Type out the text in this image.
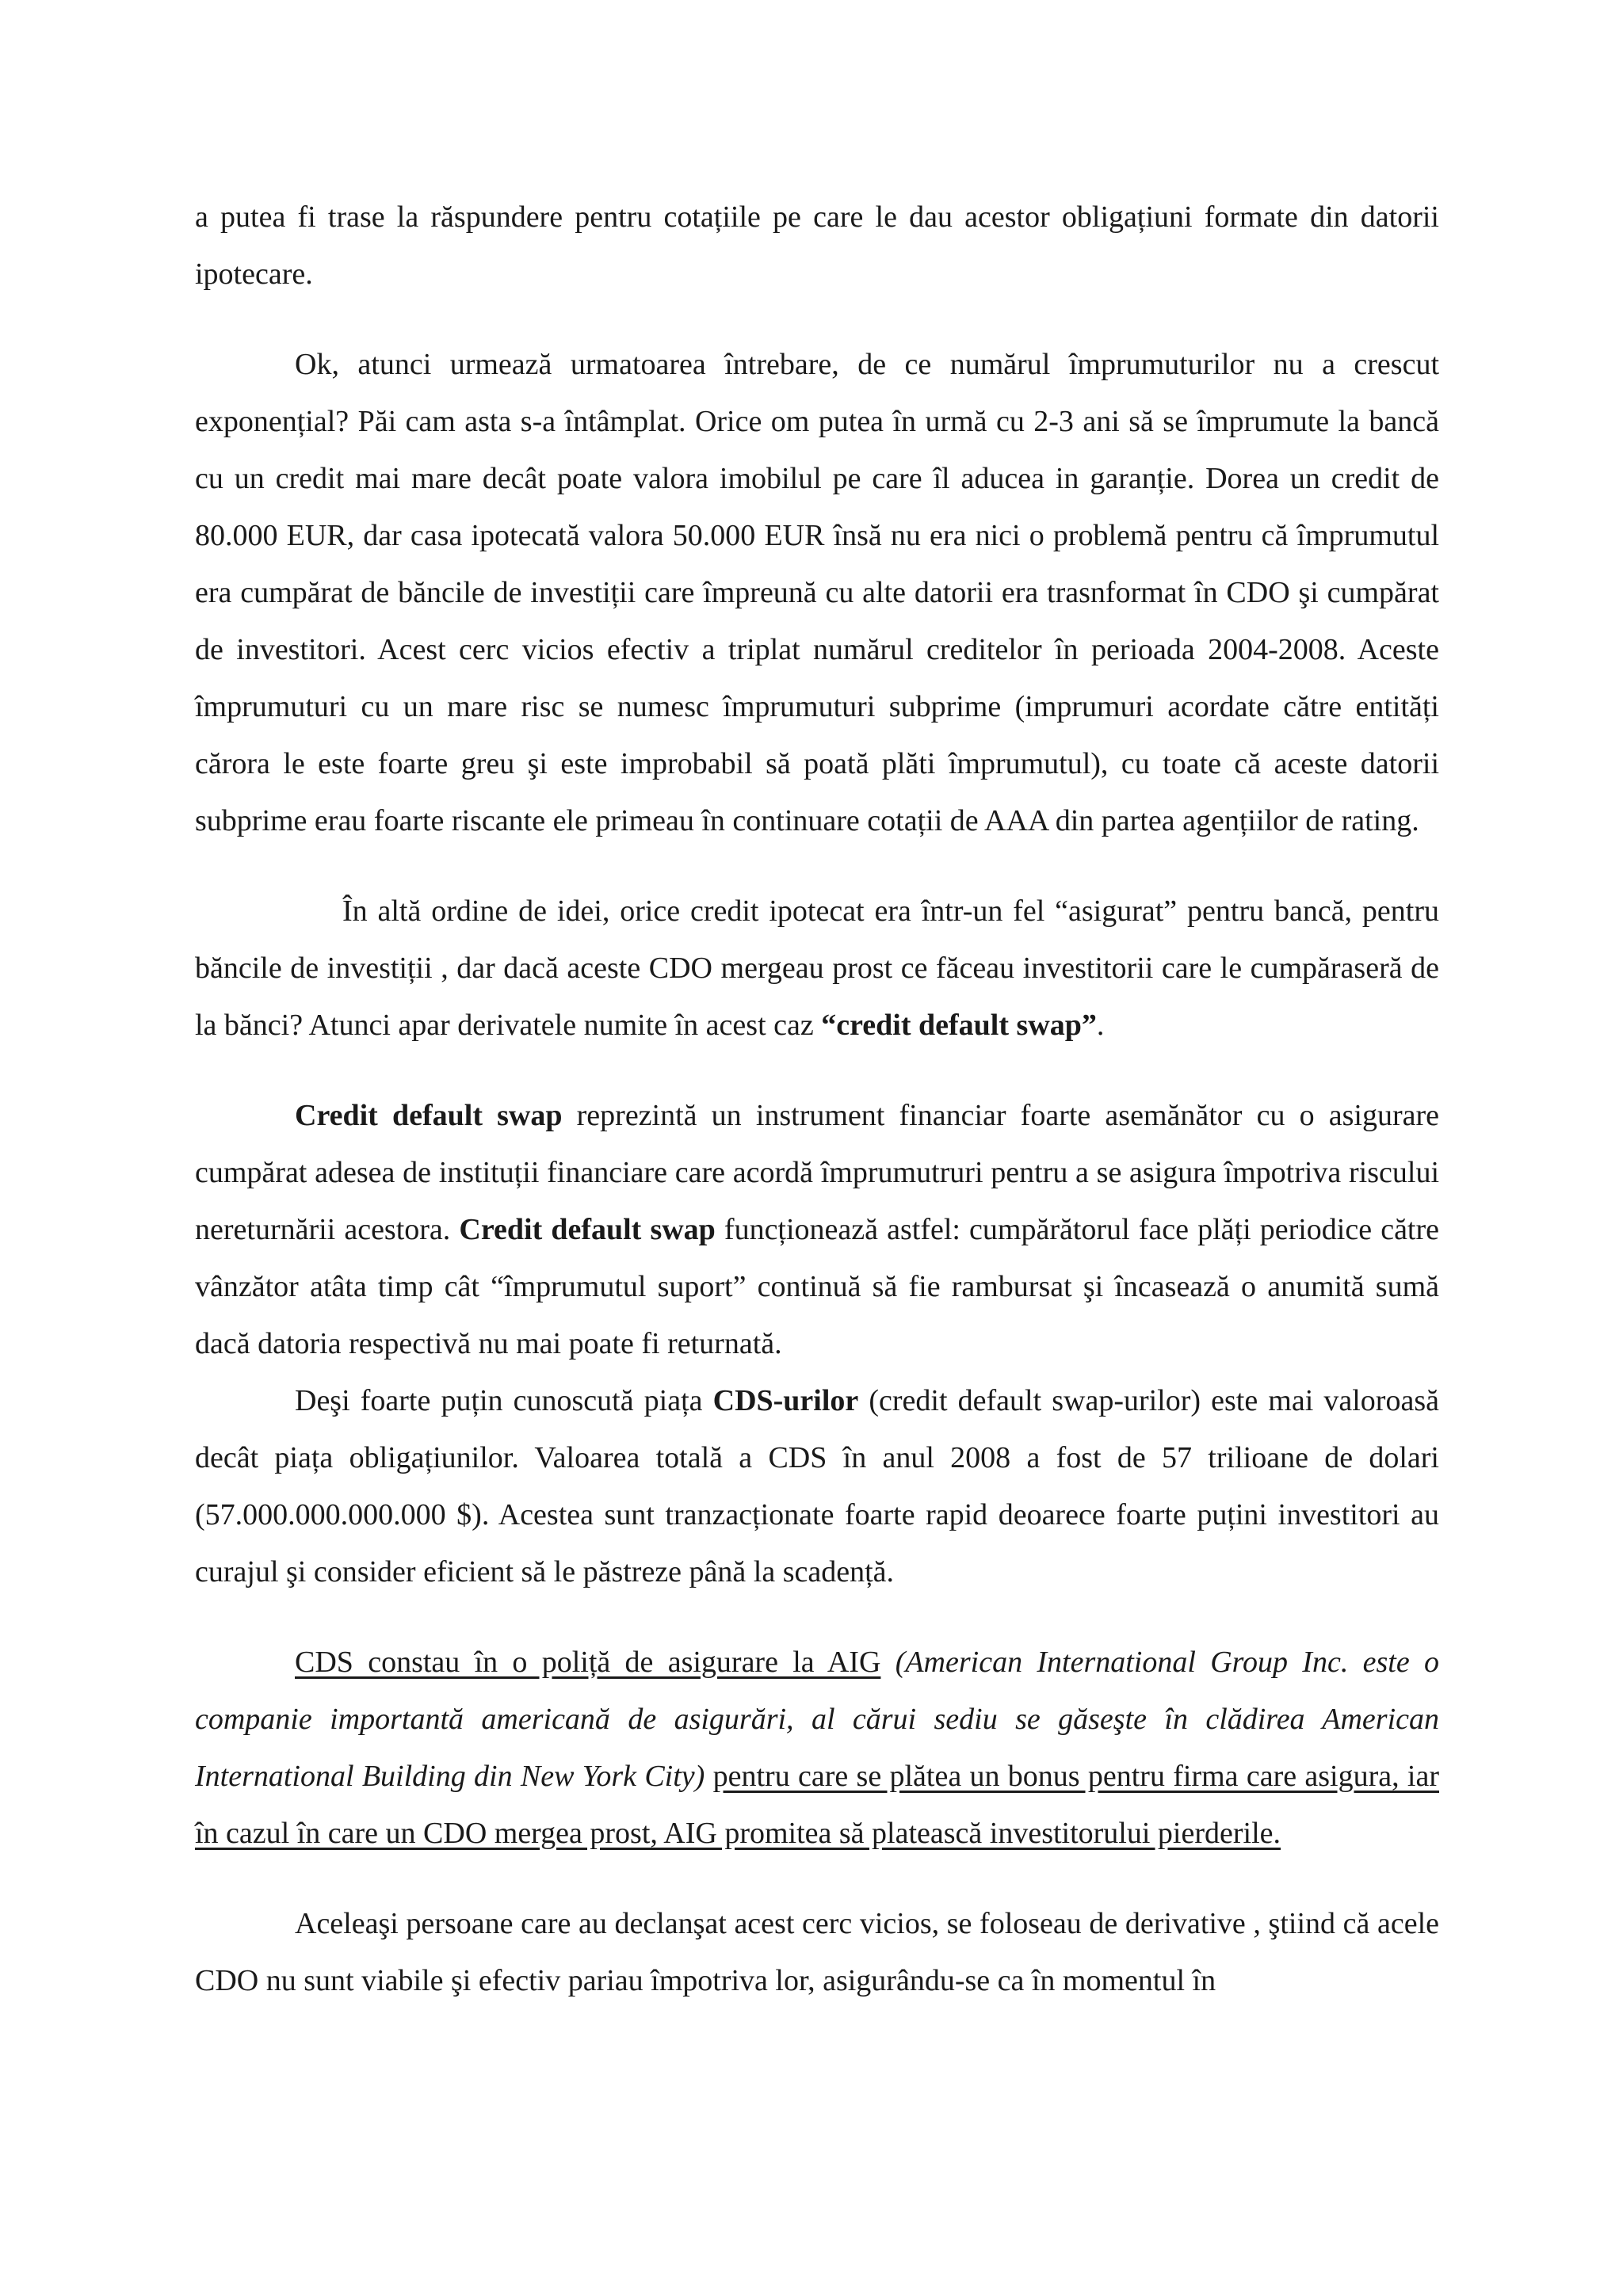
a putea fi trase la răspundere pentru cotațiile pe care le dau acestor obligațiuni formate din datorii ipotecare.

Ok, atunci urmează urmatoarea întrebare, de ce numărul împrumuturilor nu a crescut exponențial? Păi cam asta s-a întâmplat. Orice om putea în urmă cu 2-3 ani să se împrumute la bancă cu un credit mai mare decât poate valora imobilul pe care îl aducea in garanție. Dorea un credit de 80.000 EUR, dar casa ipotecată valora 50.000 EUR însă nu era nici o problemă pentru că împrumutul era cumpărat de băncile de investiții care împreună cu alte datorii era trasnformat în CDO şi cumpărat de investitori. Acest cerc vicios efectiv a triplat numărul creditelor în perioada 2004-2008. Aceste împrumuturi cu un mare risc se numesc împrumuturi subprime (imprumuri acordate către entități cărora le este foarte greu şi este improbabil să poată plăti împrumutul), cu toate că aceste datorii subprime erau foarte riscante ele primeau în continuare cotații de AAA din partea agențiilor de rating.

În altă ordine de idei, orice credit ipotecat era într-un fel “asigurat” pentru bancă, pentru băncile de investiții , dar dacă aceste CDO mergeau prost ce făceau investitorii care le cumpăraseră de la bănci? Atunci apar derivatele numite în acest caz “credit default swap”.

Credit default swap reprezintă un instrument financiar foarte asemănător cu o asigurare cumpărat adesea de instituții financiare care acordă împrumutruri pentru a se asigura împotriva riscului nereturnării acestora. Credit default swap funcționează astfel: cumpărătorul face plăți periodice către vânzător atâta timp cât “împrumutul suport” continuă să fie rambursat şi încasează o anumită sumă dacă datoria respectivă nu mai poate fi returnată.

Deşi foarte puțin cunoscută piața CDS-urilor (credit default swap-urilor) este mai valoroasă decât piața obligațiunilor. Valoarea totală a CDS în anul 2008 a fost de 57 trilioane de dolari (57.000.000.000.000 $). Acestea sunt tranzacționate foarte rapid deoarece foarte puțini investitori au curajul şi consider eficient să le păstreze până la scadență.

CDS constau în o poliță de asigurare la AIG (American International Group Inc. este o companie importantă americană de asigurări, al cărui sediu se găseşte în clădirea American International Building din New York City) pentru care se plătea un bonus pentru firma care asigura, iar în cazul în care un CDO mergea prost, AIG promitea să platească investitorului pierderile.

Aceleaşi persoane care au declanşat acest cerc vicios, se foloseau de derivative , ştiind că acele CDO nu sunt viabile şi efectiv pariau împotriva lor, asigurându-se ca în momentul în
